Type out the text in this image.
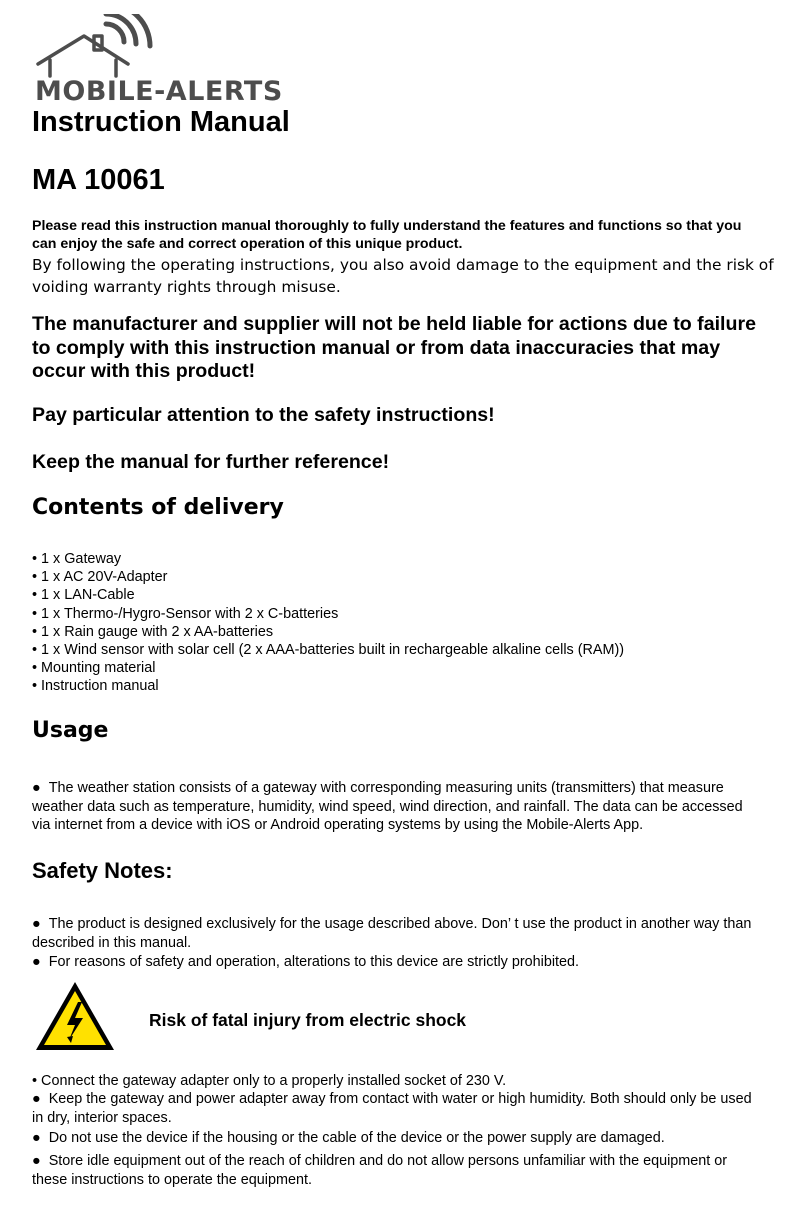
MOBILE-ALERTS
Instruction Manual
MA 10061
Please read this instruction manual thoroughly to fully understand the features and functions so that you
can enjoy the safe and correct operation of this unique product.
By following the operating instructions, you also avoid damage to the equipment and the risk of
voiding warranty rights through misuse.
The manufacturer and supplier will not be held liable for actions due to failure
to comply with this instruction manual or from data inaccuracies that may
occur with this product!
Pay particular attention to the safety instructions!
Keep the manual for further reference!
Contents of delivery
• 1 x Gateway
• 1 x AC 20V-Adapter
• 1 x LAN-Cable
• 1 x Thermo-/Hygro-Sensor with 2 x C-batteries
• 1 x Rain gauge with 2 x AA-batteries
• 1 x Wind sensor with solar cell (2 x AAA-batteries built in rechargeable alkaline cells (RAM))
• Mounting material
• Instruction manual
Usage
●  The weather station consists of a gateway with corresponding measuring units (transmitters) that measure
weather data such as temperature, humidity, wind speed, wind direction, and rainfall. The data can be accessed
via internet from a device with iOS or Android operating systems by using the Mobile-Alerts App.
Safety Notes:
●  The product is designed exclusively for the usage described above. Don’ t use the product in another way than
described in this manual.
●  For reasons of safety and operation, alterations to this device are strictly prohibited.
Risk of fatal injury from electric shock
• Connect the gateway adapter only to a properly installed socket of 230 V.
●  Keep the gateway and power adapter away from contact with water or high humidity. Both should only be used
in dry, interior spaces.
●  Do not use the device if the housing or the cable of the device or the power supply are damaged.
●  Store idle equipment out of the reach of children and do not allow persons unfamiliar with the equipment or
these instructions to operate the equipment.
